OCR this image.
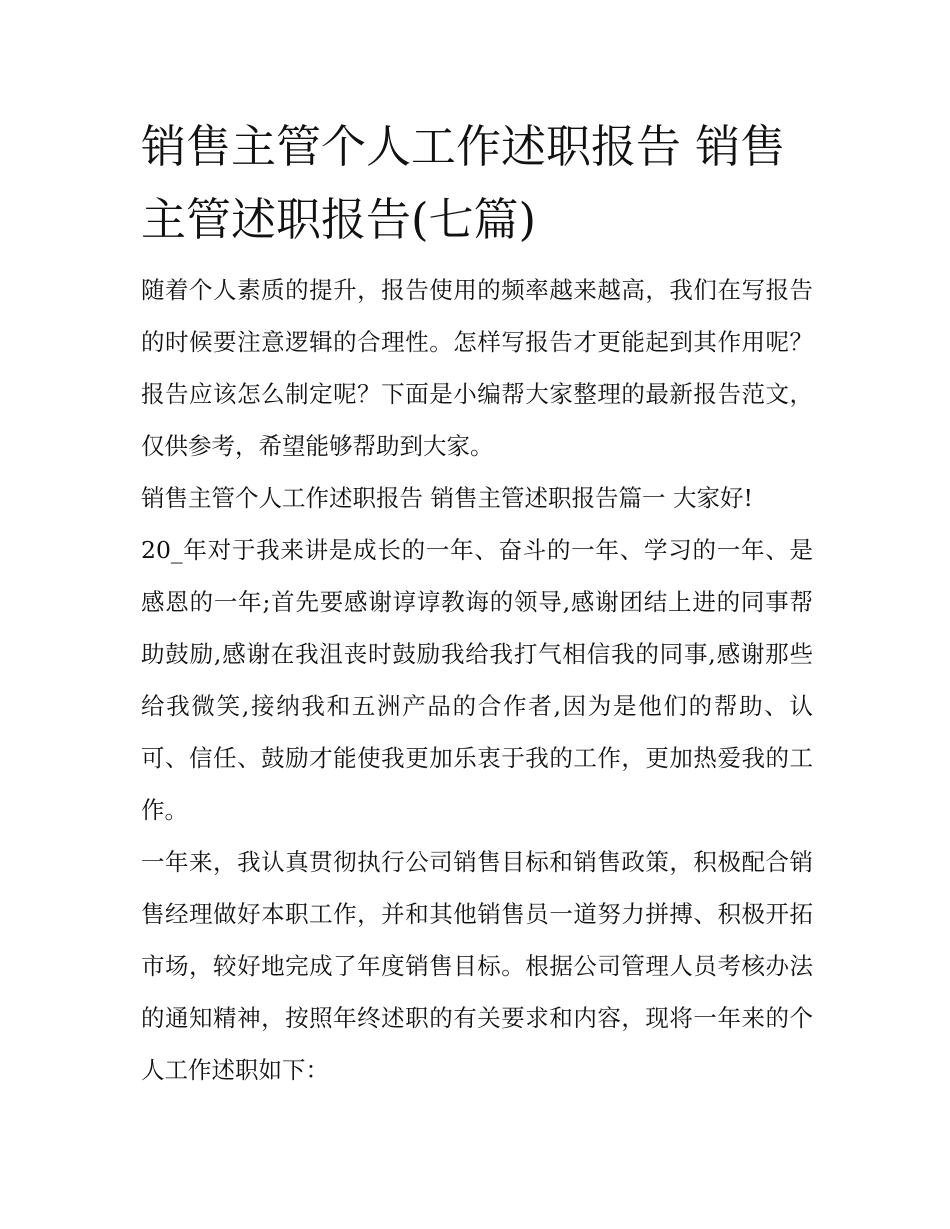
销售主管个人工作述职报告 销售主管述职报告(七篇)

随着个人素质的提升，报告使用的频率越来越高，我们在写报告的时候要注意逻辑的合理性。怎样写报告才更能起到其作用呢？报告应该怎么制定呢？下面是小编帮大家整理的最新报告范文，仅供参考，希望能够帮助到大家。

销售主管个人工作述职报告 销售主管述职报告篇一 大家好!

20_年对于我来讲是成长的一年、奋斗的一年、学习的一年、是感恩的一年;首先要感谢谆谆教诲的领导,感谢团结上进的同事帮助鼓励,感谢在我沮丧时鼓励我给我打气相信我的同事,感谢那些给我微笑,接纳我和五洲产品的合作者,因为是他们的帮助、认可、信任、鼓励才能使我更加乐衷于我的工作，更加热爱我的工作。

一年来，我认真贯彻执行公司销售目标和销售政策，积极配合销售经理做好本职工作，并和其他销售员一道努力拼搏、积极开拓市场，较好地完成了年度销售目标。根据公司管理人员考核办法的通知精神，按照年终述职的有关要求和内容，现将一年来的个人工作述职如下：
